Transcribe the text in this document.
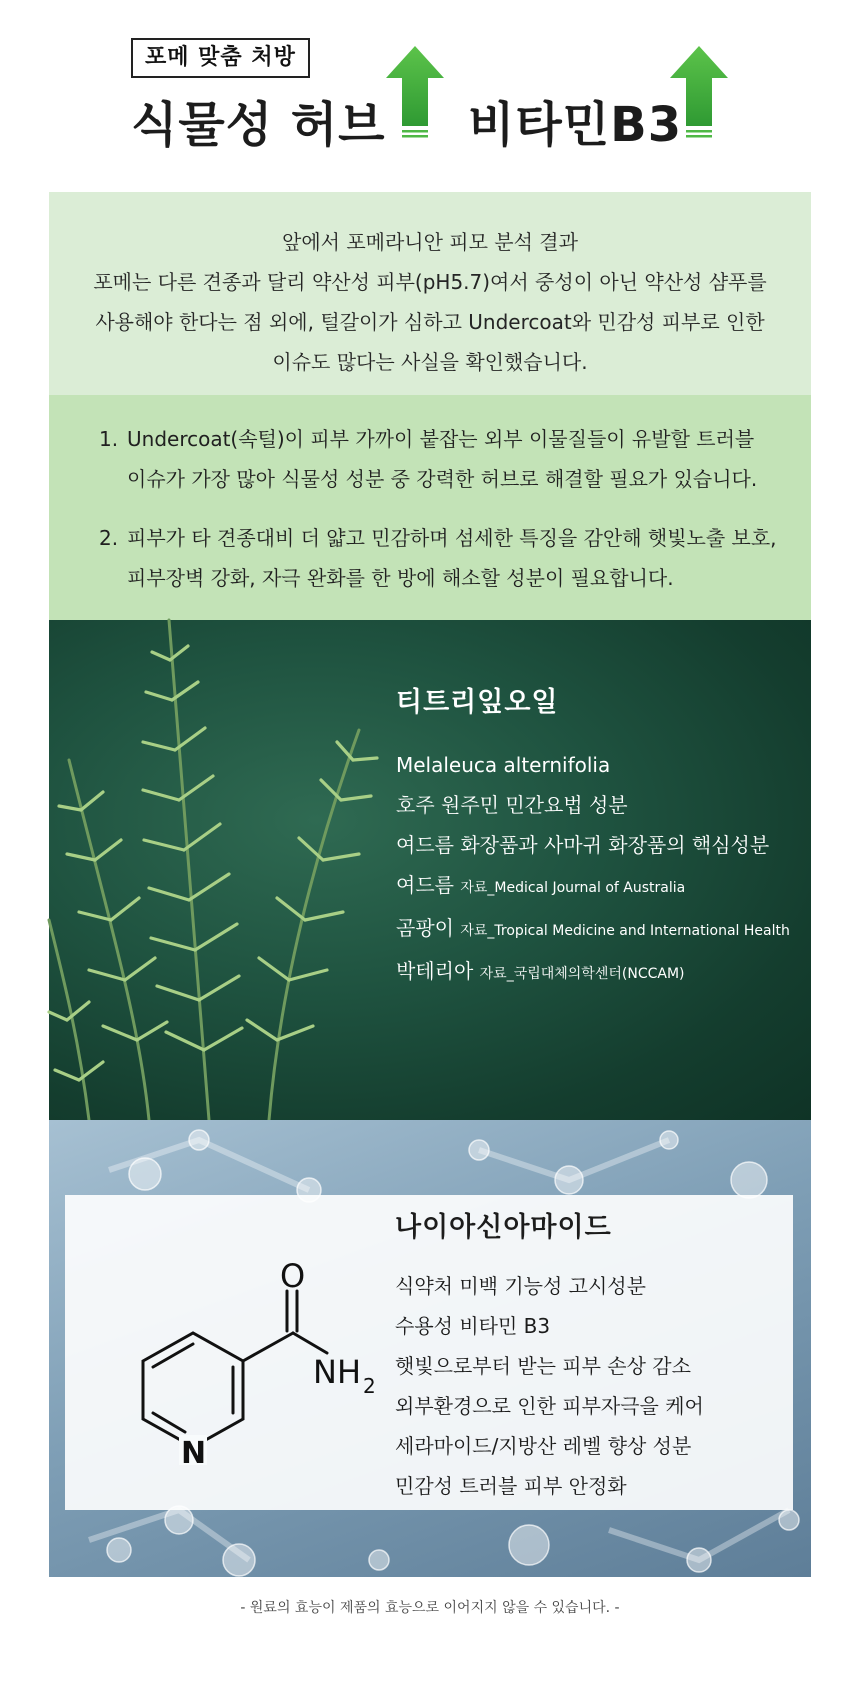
포메 맞춤 처방
식물성 허브 비타민B3

앞에서 포메라니안 피모 분석 결과

포메는 다른 견종과 달리 약산성 피부(pH5.7)여서 중성이 아닌 약산성 샴푸를

사용해야 한다는 점 외에, 털갈이가 심하고 Undercoat와 민감성 피부로 인한

이슈도 많다는 사실을 확인했습니다.

1. Undercoat(속털)이 피부 가까이 붙잡는 외부 이물질들이 유발할 트러블

이슈가 가장 많아 식물성 성분 중 강력한 허브로 해결할 필요가 있습니다.

2. 피부가 타 견종대비 더 얇고 민감하며 섬세한 특징을 감안해 햇빛노출 보호,

피부장벽 강화, 자극 완화를 한 방에 해소할 성분이 필요합니다.

티트리잎오일
Melaleuca alternifolia
호주 원주민 민간요법 성분
여드름 화장품과 사마귀 화장품의 핵심성분
여드름 자료_Medical Journal of Australia
곰팡이 자료_Tropical Medicine and International Health
박테리아 자료_국립대체의학센터(NCCAM)
O
NH 2
N
나이아신아마이드
식약처 미백 기능성 고시성분
수용성 비타민 B3
햇빛으로부터 받는 피부 손상 감소
외부환경으로 인한 피부자극을 케어
세라마이드/지방산 레벨 향상 성분
민감성 트러블 피부 안정화
- 원료의 효능이 제품의 효능으로 이어지지 않을 수 있습니다. -
